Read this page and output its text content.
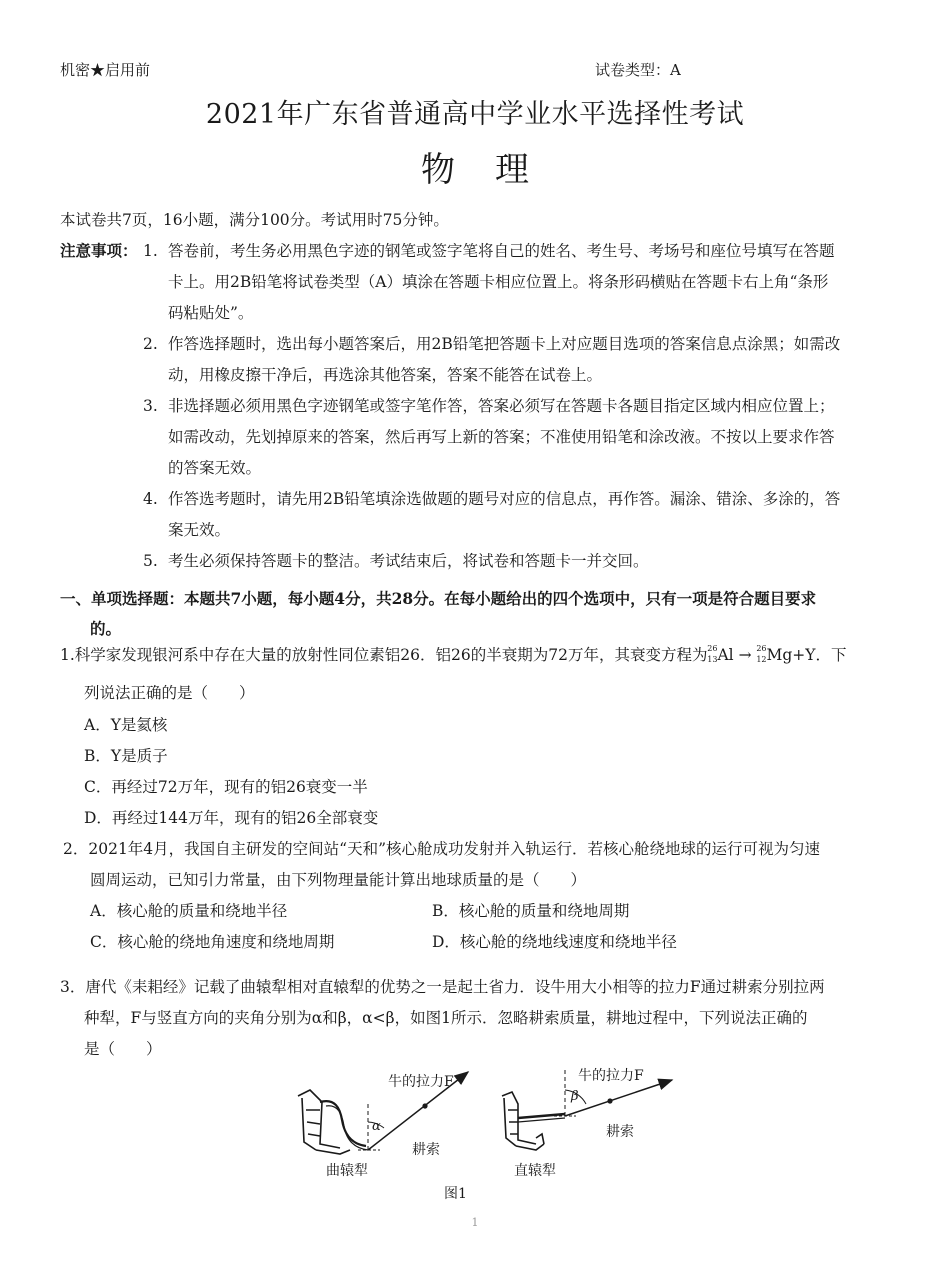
机密★启用前	试卷类型：A
2021年广东省普通高中学业水平选择性考试
物理
本试卷共7页，16小题，满分100分。考试用时75分钟。
注意事项： 1. 答卷前，考生务必用黑色字迹的钢笔或签字笔将自己的姓名、考生号、考场号和座位号填写在答题
卡上。用2B铅笔将试卷类型（A）填涂在答题卡相应位置上。将条形码横贴在答题卡右上角“条形
码粘贴处”。
2. 作答选择题时，选出每小题答案后，用2B铅笔把答题卡上对应题目选项的答案信息点涂黑；如需改
动，用橡皮擦干净后，再选涂其他答案，答案不能答在试卷上。
3. 非选择题必须用黑色字迹钢笔或签字笔作答，答案必须写在答题卡各题目指定区域内相应位置上；
如需改动，先划掉原来的答案，然后再写上新的答案；不准使用铅笔和涂改液。不按以上要求作答
的答案无效。
4. 作答选考题时，请先用2B铅笔填涂选做题的题号对应的信息点，再作答。漏涂、错涂、多涂的，答
案无效。
5. 考生必须保持答题卡的整洁。考试结束后，将试卷和答题卡一并交回。
一、单项选择题：本题共7小题，每小题4分，共28分。在每小题给出的四个选项中，只有一项是符合题目要求
的。
1.科学家发现银河系中存在大量的放射性同位素铝26．铝26的半衰期为72万年，其衰变方程为 26
13 Al → 26
12 Mg+Y．下
列说法正确的是（　　）
A．Y是氦核
B．Y是质子
C．再经过72万年，现有的铝26衰变一半
D．再经过144万年，现有的铝26全部衰变
2．2021年4月，我国自主研发的空间站“天和”核心舱成功发射并入轨运行．若核心舱绕地球的运行可视为匀速
圆周运动，已知引力常量，由下列物理量能计算出地球质量的是（　　）
A．核心舱的质量和绕地半径	B．核心舱的质量和绕地周期
C．核心舱的绕地角速度和绕地周期	D．核心舱的绕地线速度和绕地半径
3．唐代《耒耜经》记载了曲辕犁相对直辕犁的优势之一是起土省力．设牛用大小相等的拉力F通过耕索分别拉两
种犁，F与竖直方向的夹角分别为α和β，α<β，如图1所示．忽略耕索质量，耕地过程中，下列说法正确的
是（　　）
牛的拉力F
α
耕索
曲辕犁
牛的拉力F
β
耕索
直辕犁
图1
1
